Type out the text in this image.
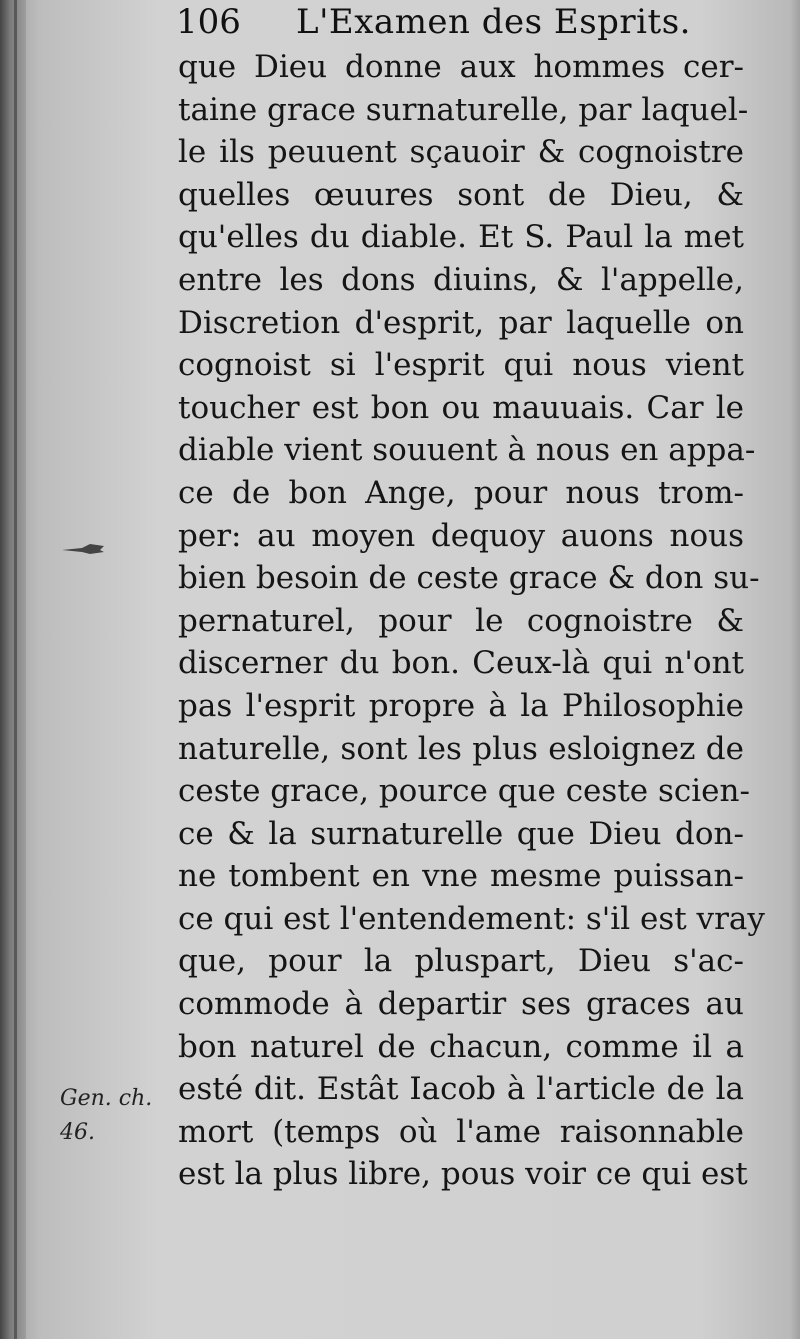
106 L'Examen des Esprits.
que Dieu donne aux hommes cer-
taine grace surnaturelle, par laquel-
le ils peuuent sçauoir & cognoistre
quelles œuures sont de Dieu, &
qu'elles du diable. Et S. Paul la met
entre les dons diuins, & l'appelle,
Discretion d'esprit, par laquelle on
cognoist si l'esprit qui nous vient
toucher est bon ou mauuais. Car le
diable vient souuent à nous en appa-
ce de bon Ange, pour nous trom-
per: au moyen dequoy auons nous
bien besoin de ceste grace & don su-
pernaturel, pour le cognoistre &
discerner du bon. Ceux-là qui n'ont
pas l'esprit propre à la Philosophie
naturelle, sont les plus esloignez de
ceste grace, pource que ceste scien-
ce & la surnaturelle que Dieu don-
ne tombent en vne mesme puissan-
ce qui est l'entendement: s'il est vray
que, pour la pluspart, Dieu s'ac-
commode à departir ses graces au
bon naturel de chacun, comme il a
esté dit. Estât Iacob à l'article de la
mort (temps où l'ame raisonnable
est la plus libre, pous voir ce qui est
Gen. ch.
46.
